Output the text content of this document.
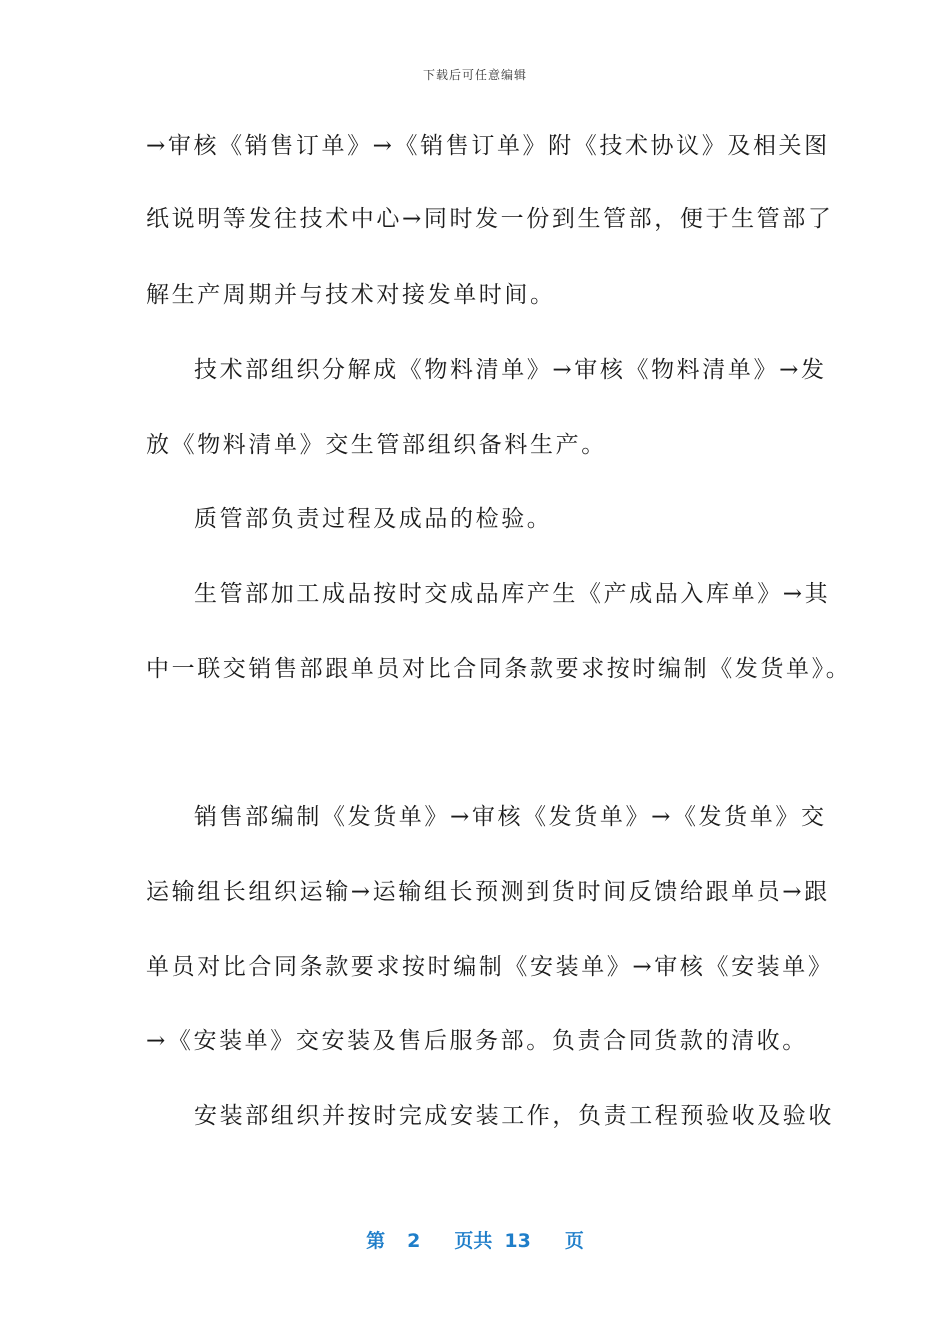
下载后可任意编辑
→审核《销售订单》→《销售订单》附《技术协议》及相关图
纸说明等发往技术中心→同时发一份到生管部，便于生管部了
解生产周期并与技术对接发单时间。
技术部组织分解成《物料清单》→审核《物料清单》→发
放《物料清单》交生管部组织备料生产。
质管部负责过程及成品的检验。
生管部加工成品按时交成品库产生《产成品入库单》→其
中一联交销售部跟单员对比合同条款要求按时编制《发货单》。
销售部编制《发货单》→审核《发货单》→《发货单》交
运输组长组织运输→运输组长预测到货时间反馈给跟单员→跟
单员对比合同条款要求按时编制《安装单》→审核《安装单》
→《安装单》交安装及售后服务部。负责合同货款的清收。
安装部组织并按时完成安装工作，负责工程预验收及验收
第 2 页共 13 页
